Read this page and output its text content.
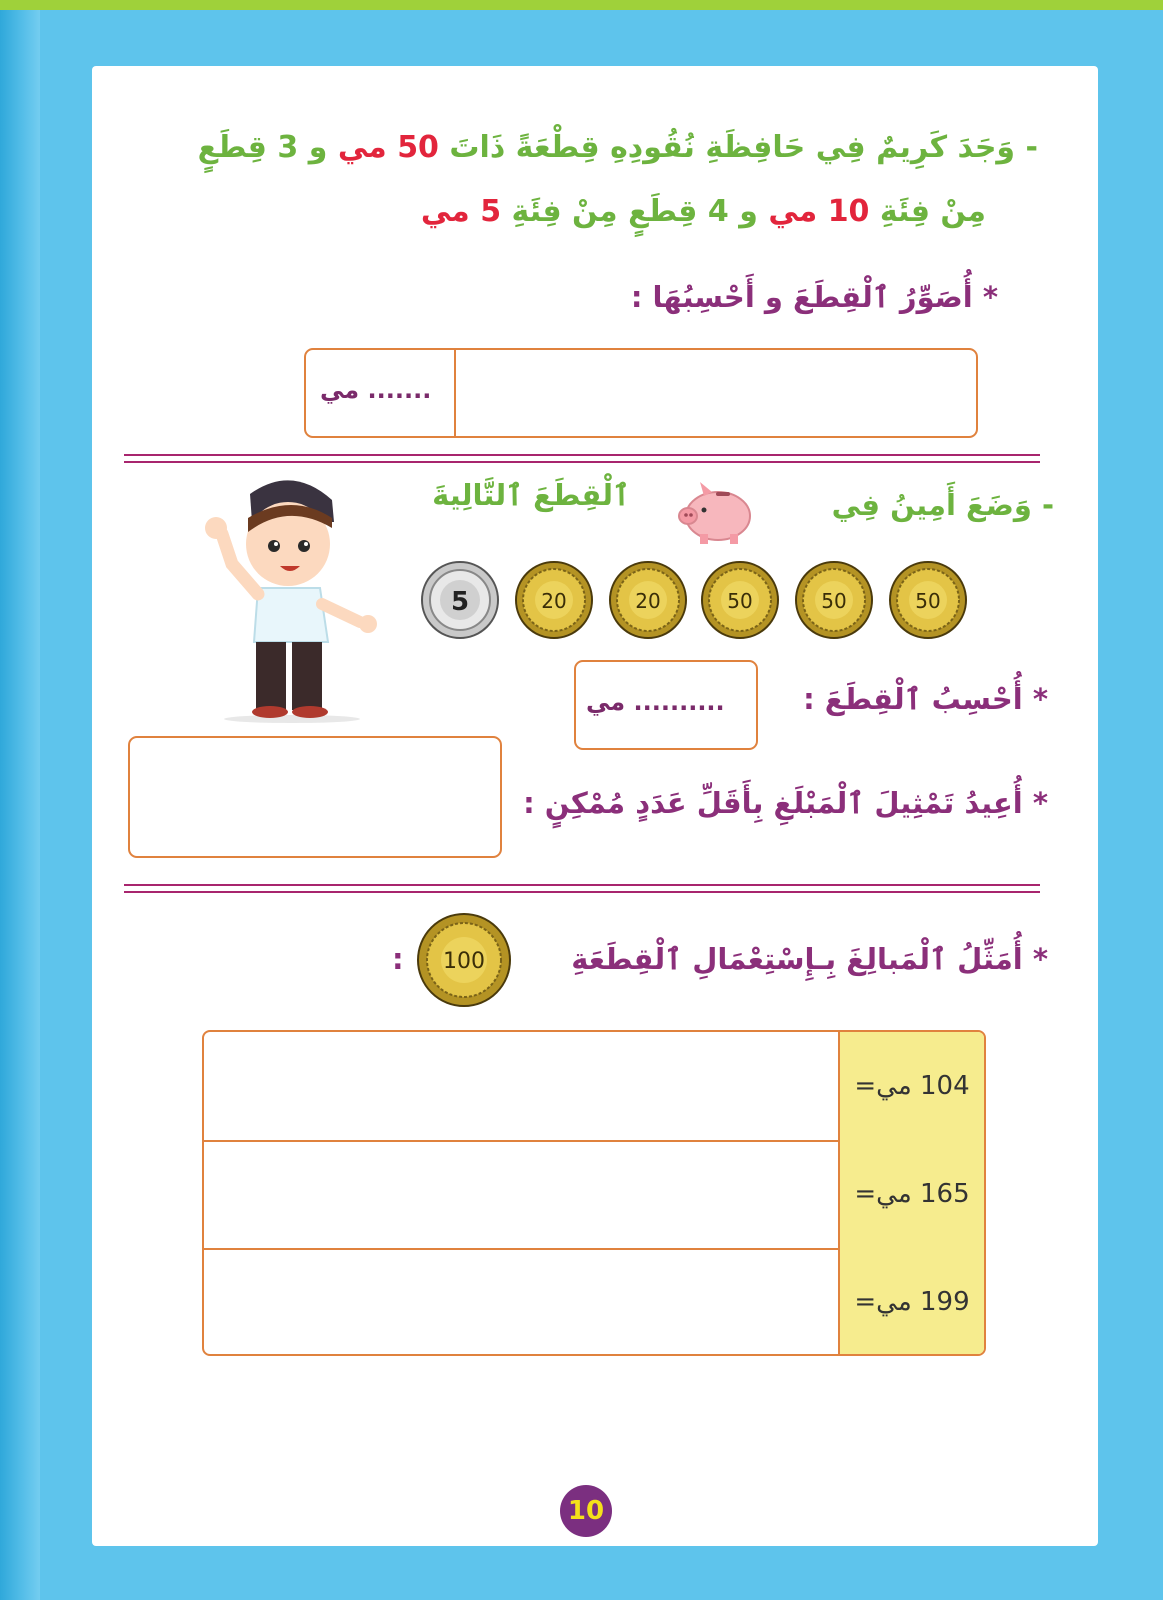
- وَجَدَ كَرِيمٌ فِي حَافِظَةِ نُقُودِهِ قِطْعَةً ذَاتَ 50 مي و 3 قِطَعٍ
مِنْ فِئَةِ 10 مي و 4 قِطَعٍ مِنْ فِئَةِ 5 مي
* أُصَوِّرُ ٱلْقِطَعَ و أَحْسِبُهَا :
....... مي
- وَضَعَ أَمِينُ فِي
ٱلْقِطَعَ ٱلتَّالِيةَ
5	20	20	50	50	50
* أُحْسِبُ ٱلْقِطَعَ :
.......... مي
* أُعِيدُ تَمْثِيلَ ٱلْمَبْلَغِ بِأَقَلِّ عَدَدٍ مُمْكِنٍ :
* أُمَثِّلُ ٱلْمَبالِغَ بِـإِسْتِعْمَالِ ٱلْقِطَعَةِ
100
:
104 مي=
165 مي=
199 مي=
10
